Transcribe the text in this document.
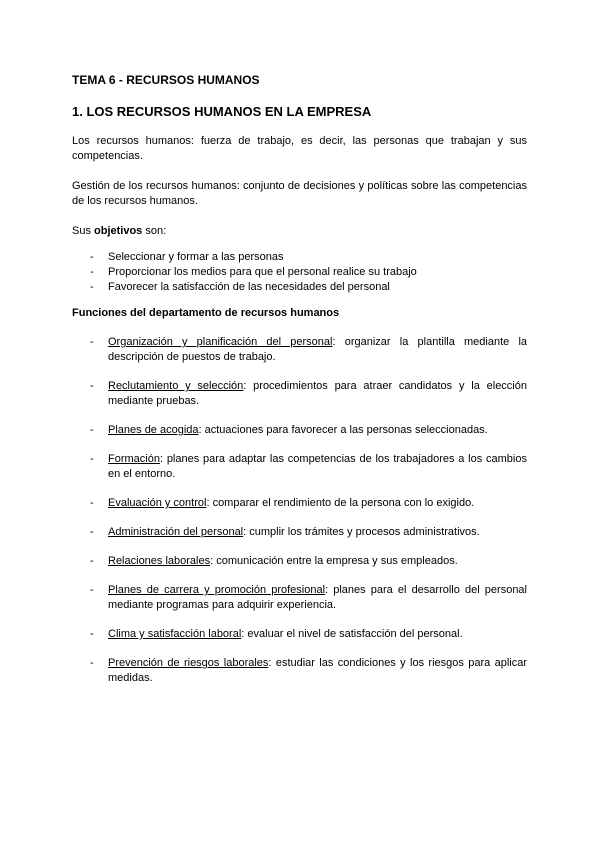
TEMA 6 - RECURSOS HUMANOS
1. LOS RECURSOS HUMANOS EN LA EMPRESA

Los recursos humanos: fuerza de trabajo, es decir, las personas que trabajan y sus competencias.

Gestión de los recursos humanos: conjunto de decisiones y políticas sobre las competencias de los recursos humanos.

Sus objetivos son:

- Seleccionar y formar a las personas
- Proporcionar los medios para que el personal realice su trabajo
- Favorecer la satisfacción de las necesidades del personal
Funciones del departamento de recursos humanos
- Organización y planificación del personal: organizar la plantilla mediante la descripción de puestos de trabajo.
- Reclutamiento y selección: procedimientos para atraer candidatos y la elección mediante pruebas.
- Planes de acogida: actuaciones para favorecer a las personas seleccionadas.
- Formación: planes para adaptar las competencias de los trabajadores a los cambios en el entorno.
- Evaluación y control: comparar el rendimiento de la persona con lo exigido.
- Administración del personal: cumplir los trámites y procesos administrativos.
- Relaciones laborales: comunicación entre la empresa y sus empleados.
- Planes de carrera y promoción profesional: planes para el desarrollo del personal mediante programas para adquirir experiencia.
- Clima y satisfacción laboral: evaluar el nivel de satisfacción del personal.
- Prevención de riesgos laborales: estudiar las condiciones y los riesgos para aplicar medidas.
